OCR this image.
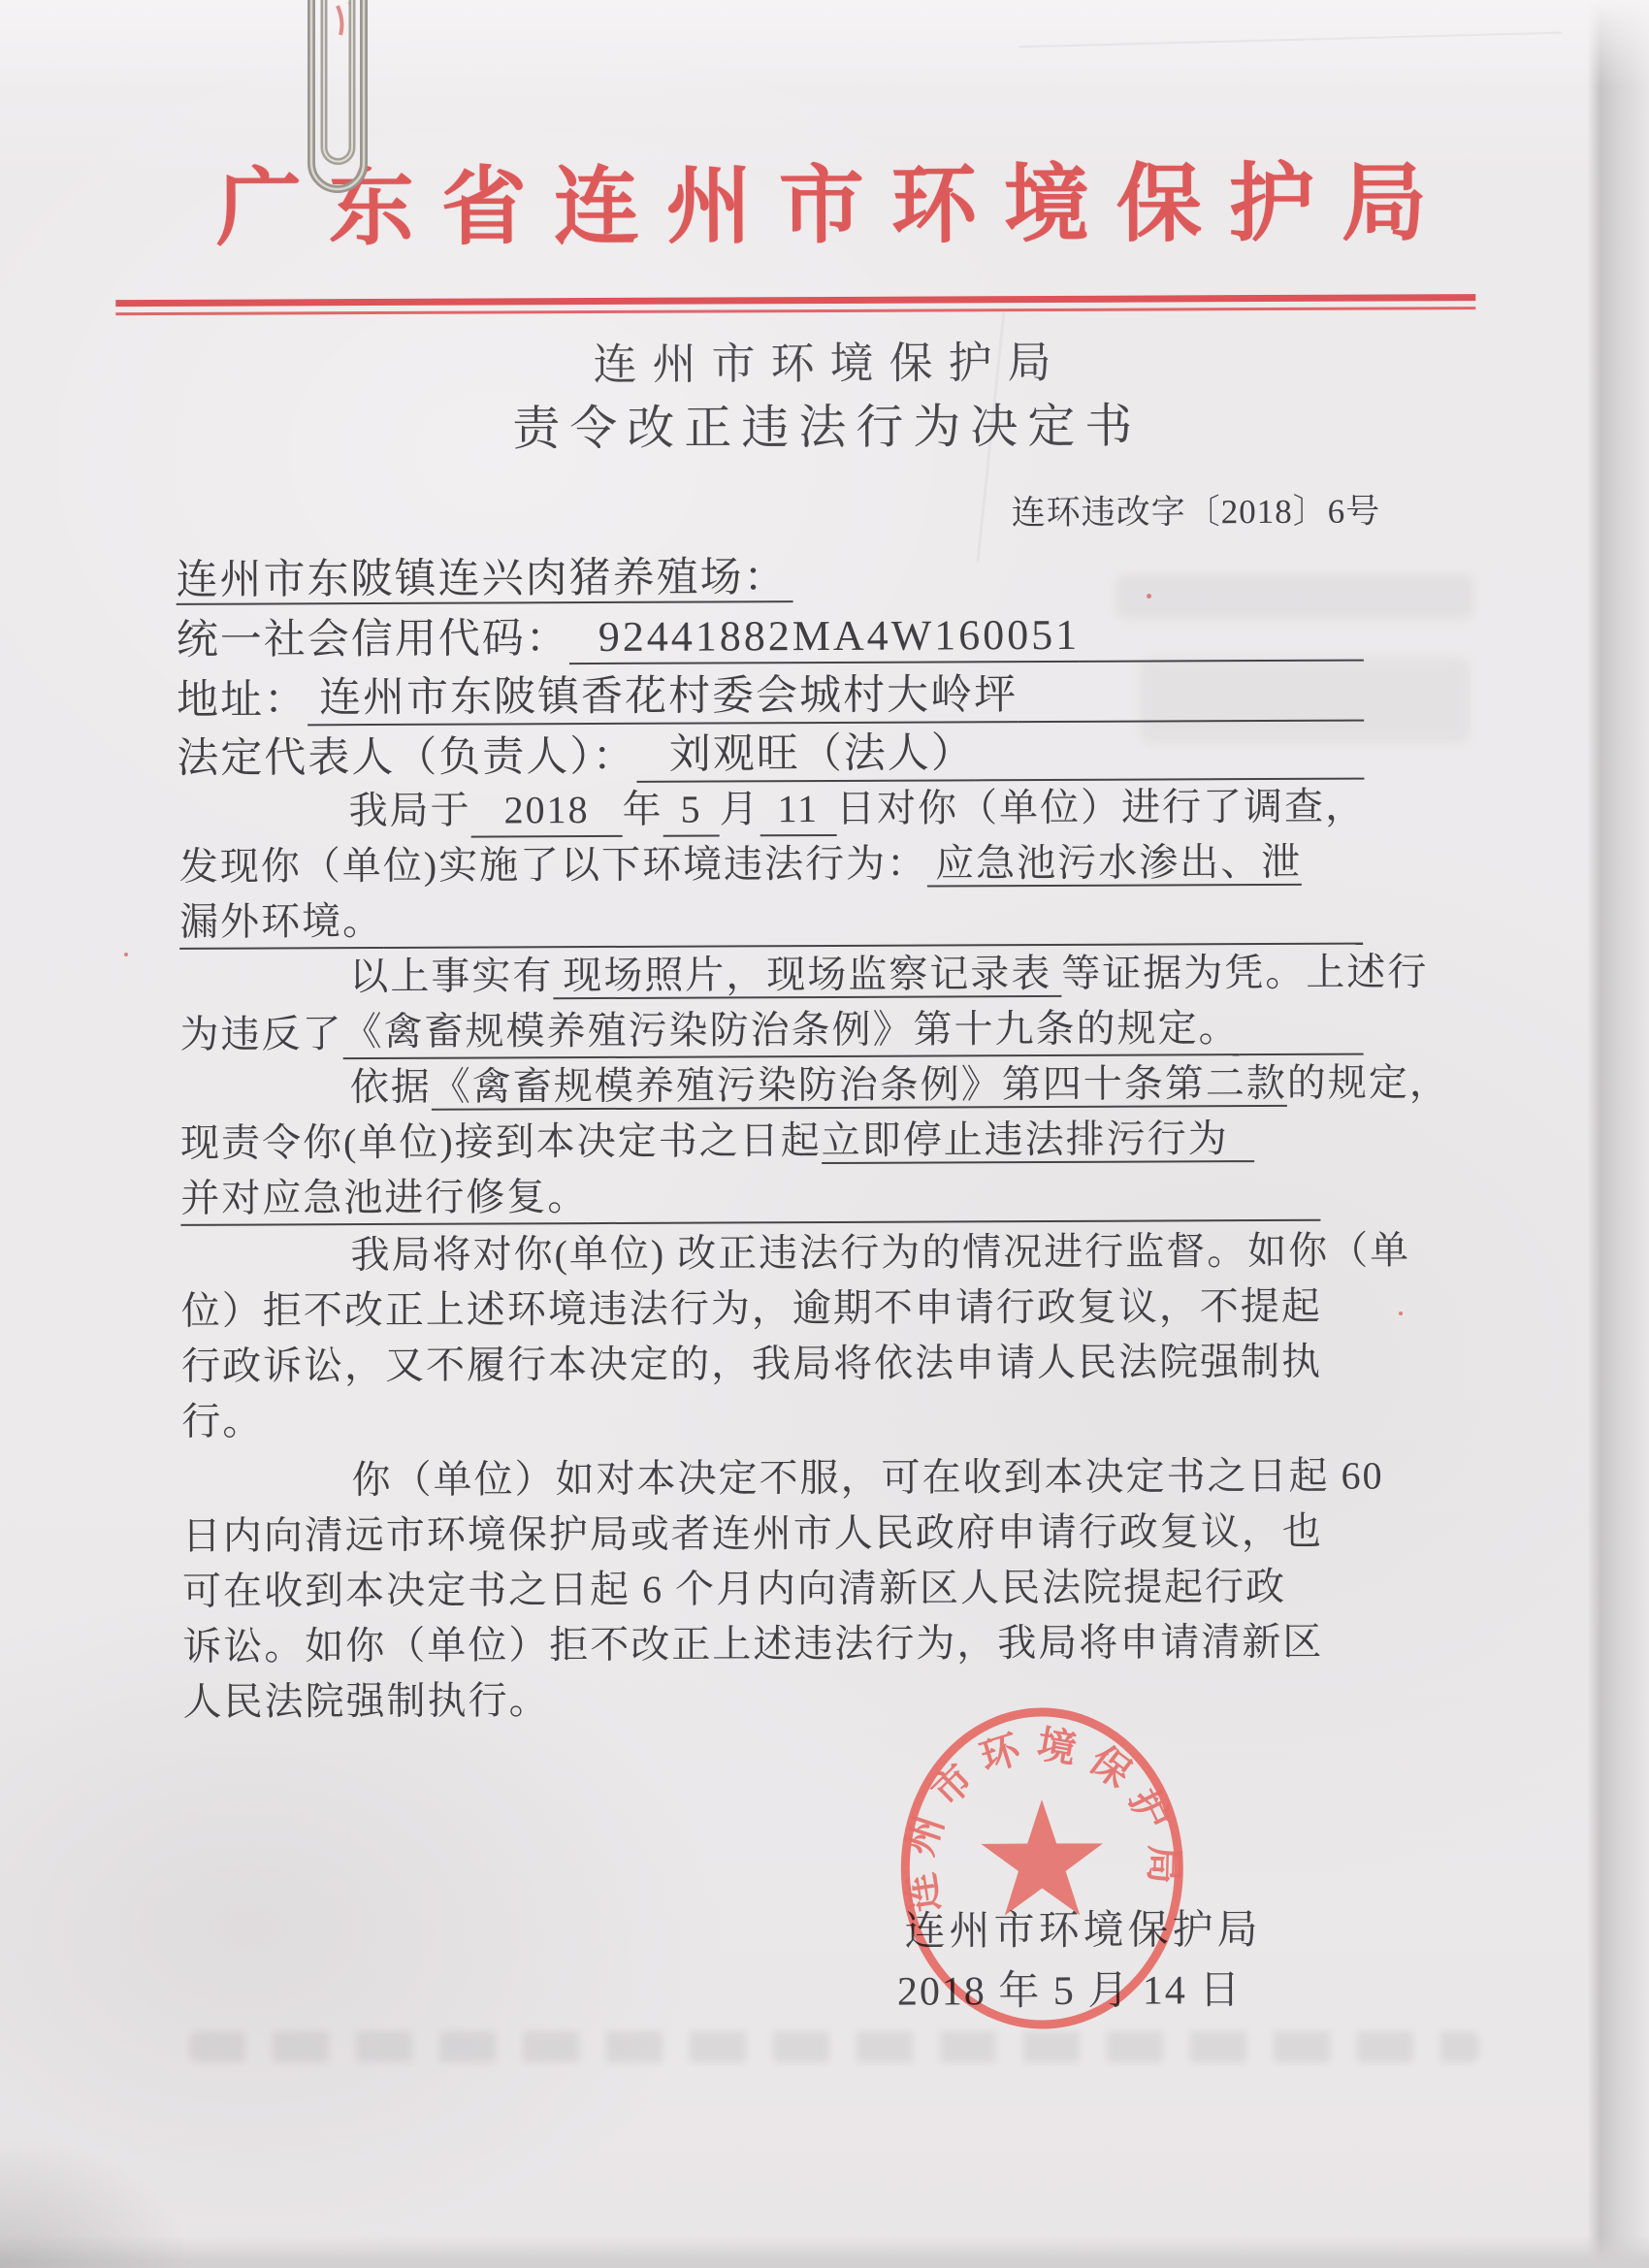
广东省连州市环境保护局
连州市环境保护局
责令改正违法行为决定书
连环违改字〔2018〕6号
连州市东陂镇连兴肉猪养殖场：
统一社会信用代码： 92441882MA4W160051
地址： 连州市东陂镇香花村委会城村大岭坪
法定代表人（负责人）： 刘观旺（法人）
我局于 2018 年 5 月 11 日对你（单位）进行了调查，
发现你（单位)实施了以下环境违法行为： 应急池污水渗出、泄
漏外环境。
以上事实有 现场照片，现场监察记录表 等证据为凭。上述行
为违反了 《禽畜规模养殖污染防治条例》第十九条的规定。
依据《禽畜规模养殖污染防治条例》第四十条第二款的规定，
现责令你(单位)接到本决定书之日起立即停止违法排污行为
并对应急池进行修复。
我局将对你(单位) 改正违法行为的情况进行监督。如你（单
位）拒不改正上述环境违法行为，逾期不申请行政复议，不提起
行政诉讼，又不履行本决定的，我局将依法申请人民法院强制执
行。
你（单位）如对本决定不服，可在收到本决定书之日起 60
日内向清远市环境保护局或者连州市人民政府申请行政复议，也
可在收到本决定书之日起 6 个月内向清新区人民法院提起行政
诉讼。如你（单位）拒不改正上述违法行为，我局将申请清新区
人民法院强制执行。
连州市环境保护局
2018 年 5 月 14 日
连州市环境保护局
